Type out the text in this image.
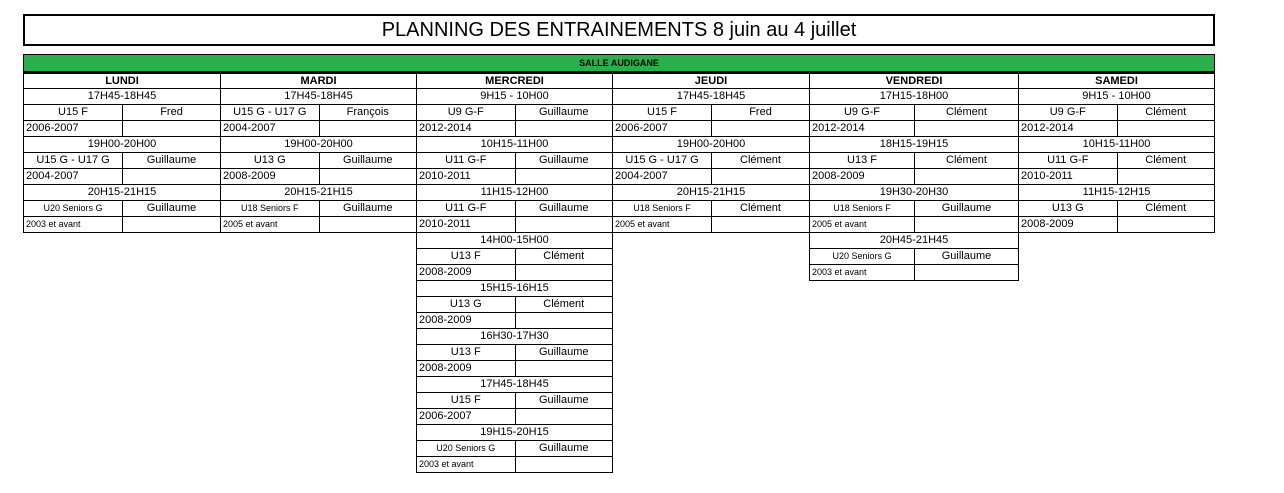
PLANNING DES ENTRAINEMENTS 8 juin au 4 juillet
SALLE AUDIGANE
LUNDI
17H45-18H45
U15 F	Fred
2006-2007
19H00-20H00
U15 G - U17 G	Guillaume
2004-2007
20H15-21H15
U20 Seniors G	Guillaume
2003 et avant
MARDI
17H45-18H45
U15 G - U17 G	François
2004-2007
19H00-20H00
U13 G	Guillaume
2008-2009
20H15-21H15
U18 Seniors F	Guillaume
2005 et avant
MERCREDI
9H15 - 10H00
U9 G-F	Guillaume
2012-2014
10H15-11H00
U11 G-F	Guillaume
2010-2011
11H15-12H00
U11 G-F	Guillaume
2010-2011
14H00-15H00
U13 F	Clément
2008-2009
15H15-16H15
U13 G	Clément
2008-2009
16H30-17H30
U13 F	Guillaume
2008-2009
17H45-18H45
U15 F	Guillaume
2006-2007
19H15-20H15
U20 Seniors G	Guillaume
2003 et avant
JEUDI
17H45-18H45
U15 F	Fred
2006-2007
19H00-20H00
U15 G - U17 G	Clément
2004-2007
20H15-21H15
U18 Seniors F	Clément
2005 et avant
VENDREDI
17H15-18H00
U9 G-F	Clément
2012-2014
18H15-19H15
U13 F	Clément
2008-2009
19H30-20H30
U18 Seniors F	Guillaume
2005 et avant
20H45-21H45
U20 Seniors G	Guillaume
2003 et avant
SAMEDI
9H15 - 10H00
U9 G-F	Clément
2012-2014
10H15-11H00
U11 G-F	Clément
2010-2011
11H15-12H15
U13 G	Clément
2008-2009
